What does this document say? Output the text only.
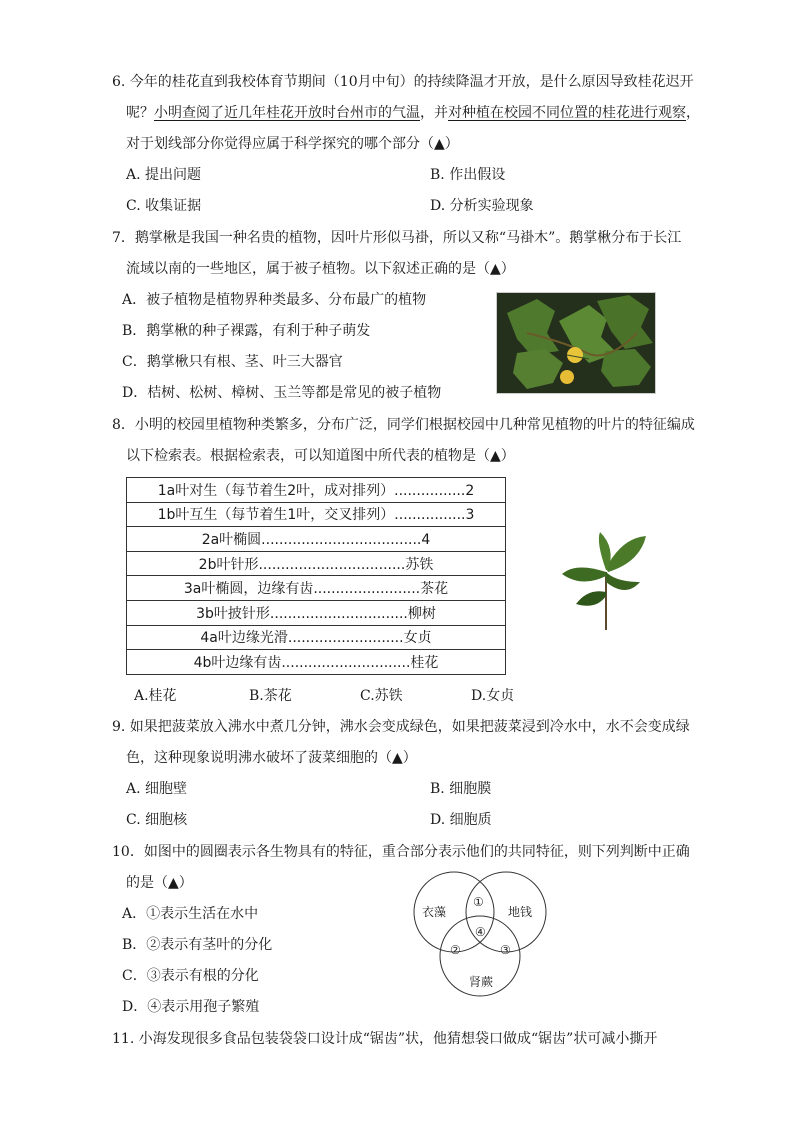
6. 今年的桂花直到我校体育节期间（10月中旬）的持续降温才开放，是什么原因导致桂花迟开
呢？小明查阅了近几年桂花开放时台州市的气温，并对种植在校园不同位置的桂花进行观察，
对于划线部分你觉得应属于科学探究的哪个部分（▲）
A. 提出问题	B. 作出假设
C. 收集证据	D. 分析实验现象
7．鹅掌楸是我国一种名贵的植物，因叶片形似马褂，所以又称“马褂木”。鹅掌楸分布于长江
流域以南的一些地区，属于被子植物。以下叙述正确的是（▲）
A．被子植物是植物界种类最多、分布最广的植物
B．鹅掌楸的种子裸露，有利于种子萌发
C．鹅掌楸只有根、茎、叶三大器官
D．桔树、松树、樟树、玉兰等都是常见的被子植物
8．小明的校园里植物种类繁多，分布广泛，同学们根据校园中几种常见植物的叶片的特征编成
以下检索表。根据检索表，可以知道图中所代表的植物是（▲）
1a叶对生（每节着生2叶，成对排列）................2
1b叶互生（每节着生1叶，交叉排列）................3
2a叶椭圆....................................4
2b叶针形.................................苏铁
3a叶椭圆，边缘有齿........................茶花
3b叶披针形...............................柳树
4a叶边缘光滑..........................女贞
4b叶边缘有齿.............................桂花
A.桂花	B.茶花	C.苏铁	D.女贞
9. 如果把菠菜放入沸水中煮几分钟，沸水会变成绿色，如果把菠菜浸到冷水中，水不会变成绿
色，这种现象说明沸水破坏了菠菜细胞的（▲）
A. 细胞壁	B. 细胞膜
C. 细胞核	D. 细胞质
10．如图中的圆圈表示各生物具有的特征，重合部分表示他们的共同特征，则下列判断中正确
的是（▲）
A．①表示生活在水中
B．②表示有茎叶的分化
C．③表示有根的分化
D．④表示用孢子繁殖
衣藻	地钱
肾蕨
①
②	③
④
11. 小海发现很多食品包装袋袋口设计成“锯齿”状，他猜想袋口做成“锯齿”状可减小撕开
